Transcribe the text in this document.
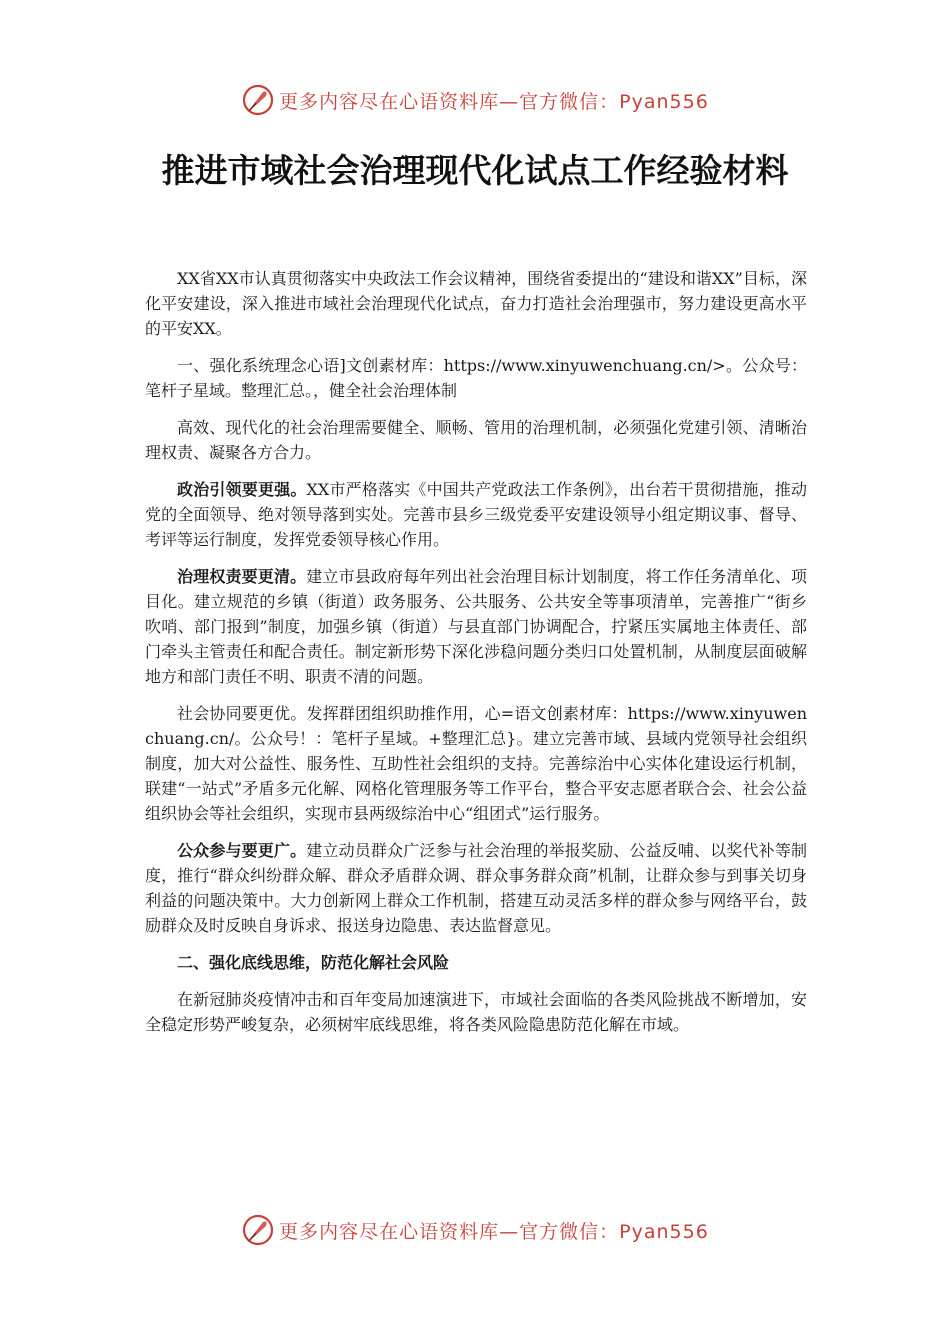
更多内容尽在心语资料库—官方微信：Pyan556
推进市域社会治理现代化试点工作经验材料

XX省XX市认真贯彻落实中央政法工作会议精神，围绕省委提出的“建设和谐XX”目标，深化平安建设，深入推进市域社会治理现代化试点，奋力打造社会治理强市，努力建设更高水平的平安XX。

一、强化系统理念心语]文创素材库：https://www.xinyuwenchuang.cn/>。公众号：笔杆子星域。整理汇总。，健全社会治理体制

高效、现代化的社会治理需要健全、顺畅、管用的治理机制，必须强化党建引领、清晰治理权责、凝聚各方合力。

政治引领要更强。XX市严格落实《中国共产党政法工作条例》，出台若干贯彻措施，推动党的全面领导、绝对领导落到实处。完善市县乡三级党委平安建设领导小组定期议事、督导、考评等运行制度，发挥党委领导核心作用。

治理权责要更清。建立市县政府每年列出社会治理目标计划制度，将工作任务清单化、项目化。建立规范的乡镇（街道）政务服务、公共服务、公共安全等事项清单，完善推广“街乡吹哨、部门报到”制度，加强乡镇（街道）与县直部门协调配合，拧紧压实属地主体责任、部门牵头主管责任和配合责任。制定新形势下深化涉稳问题分类归口处置机制，从制度层面破解地方和部门责任不明、职责不清的问题。

社会协同要更优。发挥群团组织助推作用，心=语文创素材库：https://www.xinyuwenchuang.cn/。公众号！：笔杆子星域。+整理汇总}。建立完善市域、县域内党领导社会组织制度，加大对公益性、服务性、互助性社会组织的支持。完善综治中心实体化建设运行机制，联建“一站式”矛盾多元化解、网格化管理服务等工作平台，整合平安志愿者联合会、社会公益组织协会等社会组织，实现市县两级综治中心“组团式”运行服务。

公众参与要更广。建立动员群众广泛参与社会治理的举报奖励、公益反哺、以奖代补等制度，推行“群众纠纷群众解、群众矛盾群众调、群众事务群众商”机制，让群众参与到事关切身利益的问题决策中。大力创新网上群众工作机制，搭建互动灵活多样的群众参与网络平台，鼓励群众及时反映自身诉求、报送身边隐患、表达监督意见。

二、强化底线思维，防范化解社会风险

在新冠肺炎疫情冲击和百年变局加速演进下，市域社会面临的各类风险挑战不断增加，安全稳定形势严峻复杂，必须树牢底线思维，将各类风险隐患防范化解在市域。

更多内容尽在心语资料库—官方微信：Pyan556
